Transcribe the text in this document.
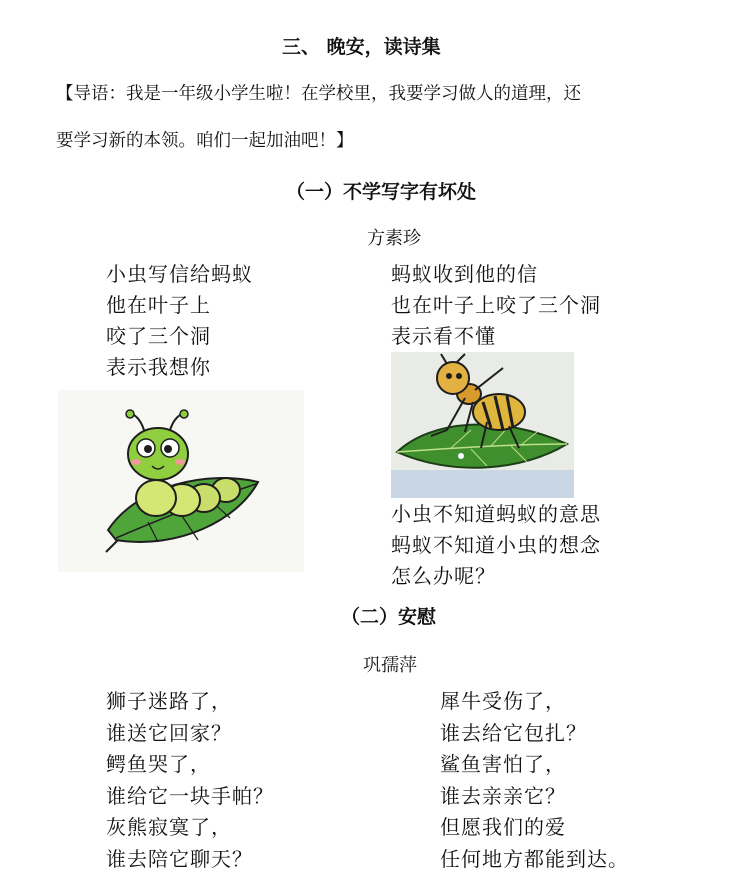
三、 晚安，读诗集
【导语：我是一年级小学生啦！在学校里，我要学习做人的道理，还
要学习新的本领。咱们一起加油吧！】
（一）不学写字有坏处
方素珍
小虫写信给蚂蚁
他在叶子上
咬了三个洞
表示我想你
蚂蚁收到他的信
也在叶子上咬了三个洞
表示看不懂
小虫不知道蚂蚁的意思
蚂蚁不知道小虫的想念
怎么办呢？
（二）安慰
巩孺萍
狮子迷路了，
谁送它回家？
鳄鱼哭了，
谁给它一块手帕？
灰熊寂寞了，
谁去陪它聊天？
犀牛受伤了，
谁去给它包扎？
鲨鱼害怕了，
谁去亲亲它？
但愿我们的爱
任何地方都能到达。
